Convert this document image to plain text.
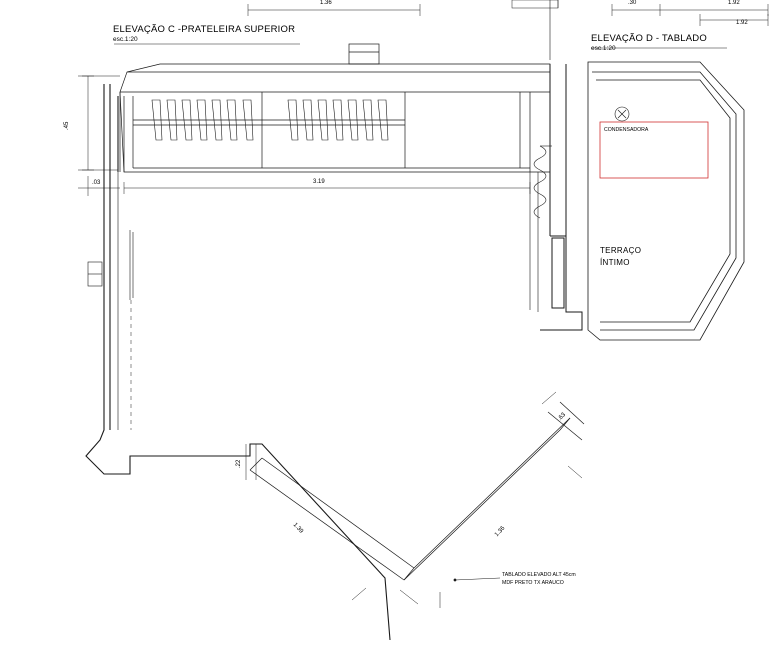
ELEVAÇÃO C -PRATELEIRA SUPERIOR
esc.1:20	ELEVAÇÃO D - TABLADO
esc.1:20
1.36	.30	1.92
1.92
.45
.03	3.19
1.39	1.36
.63
.22
CONDENSADORA
TERRAÇO
ÍNTIMO
TABLADO ELEVADO ALT 45cm
MDF PRETO TX ARAUCO
